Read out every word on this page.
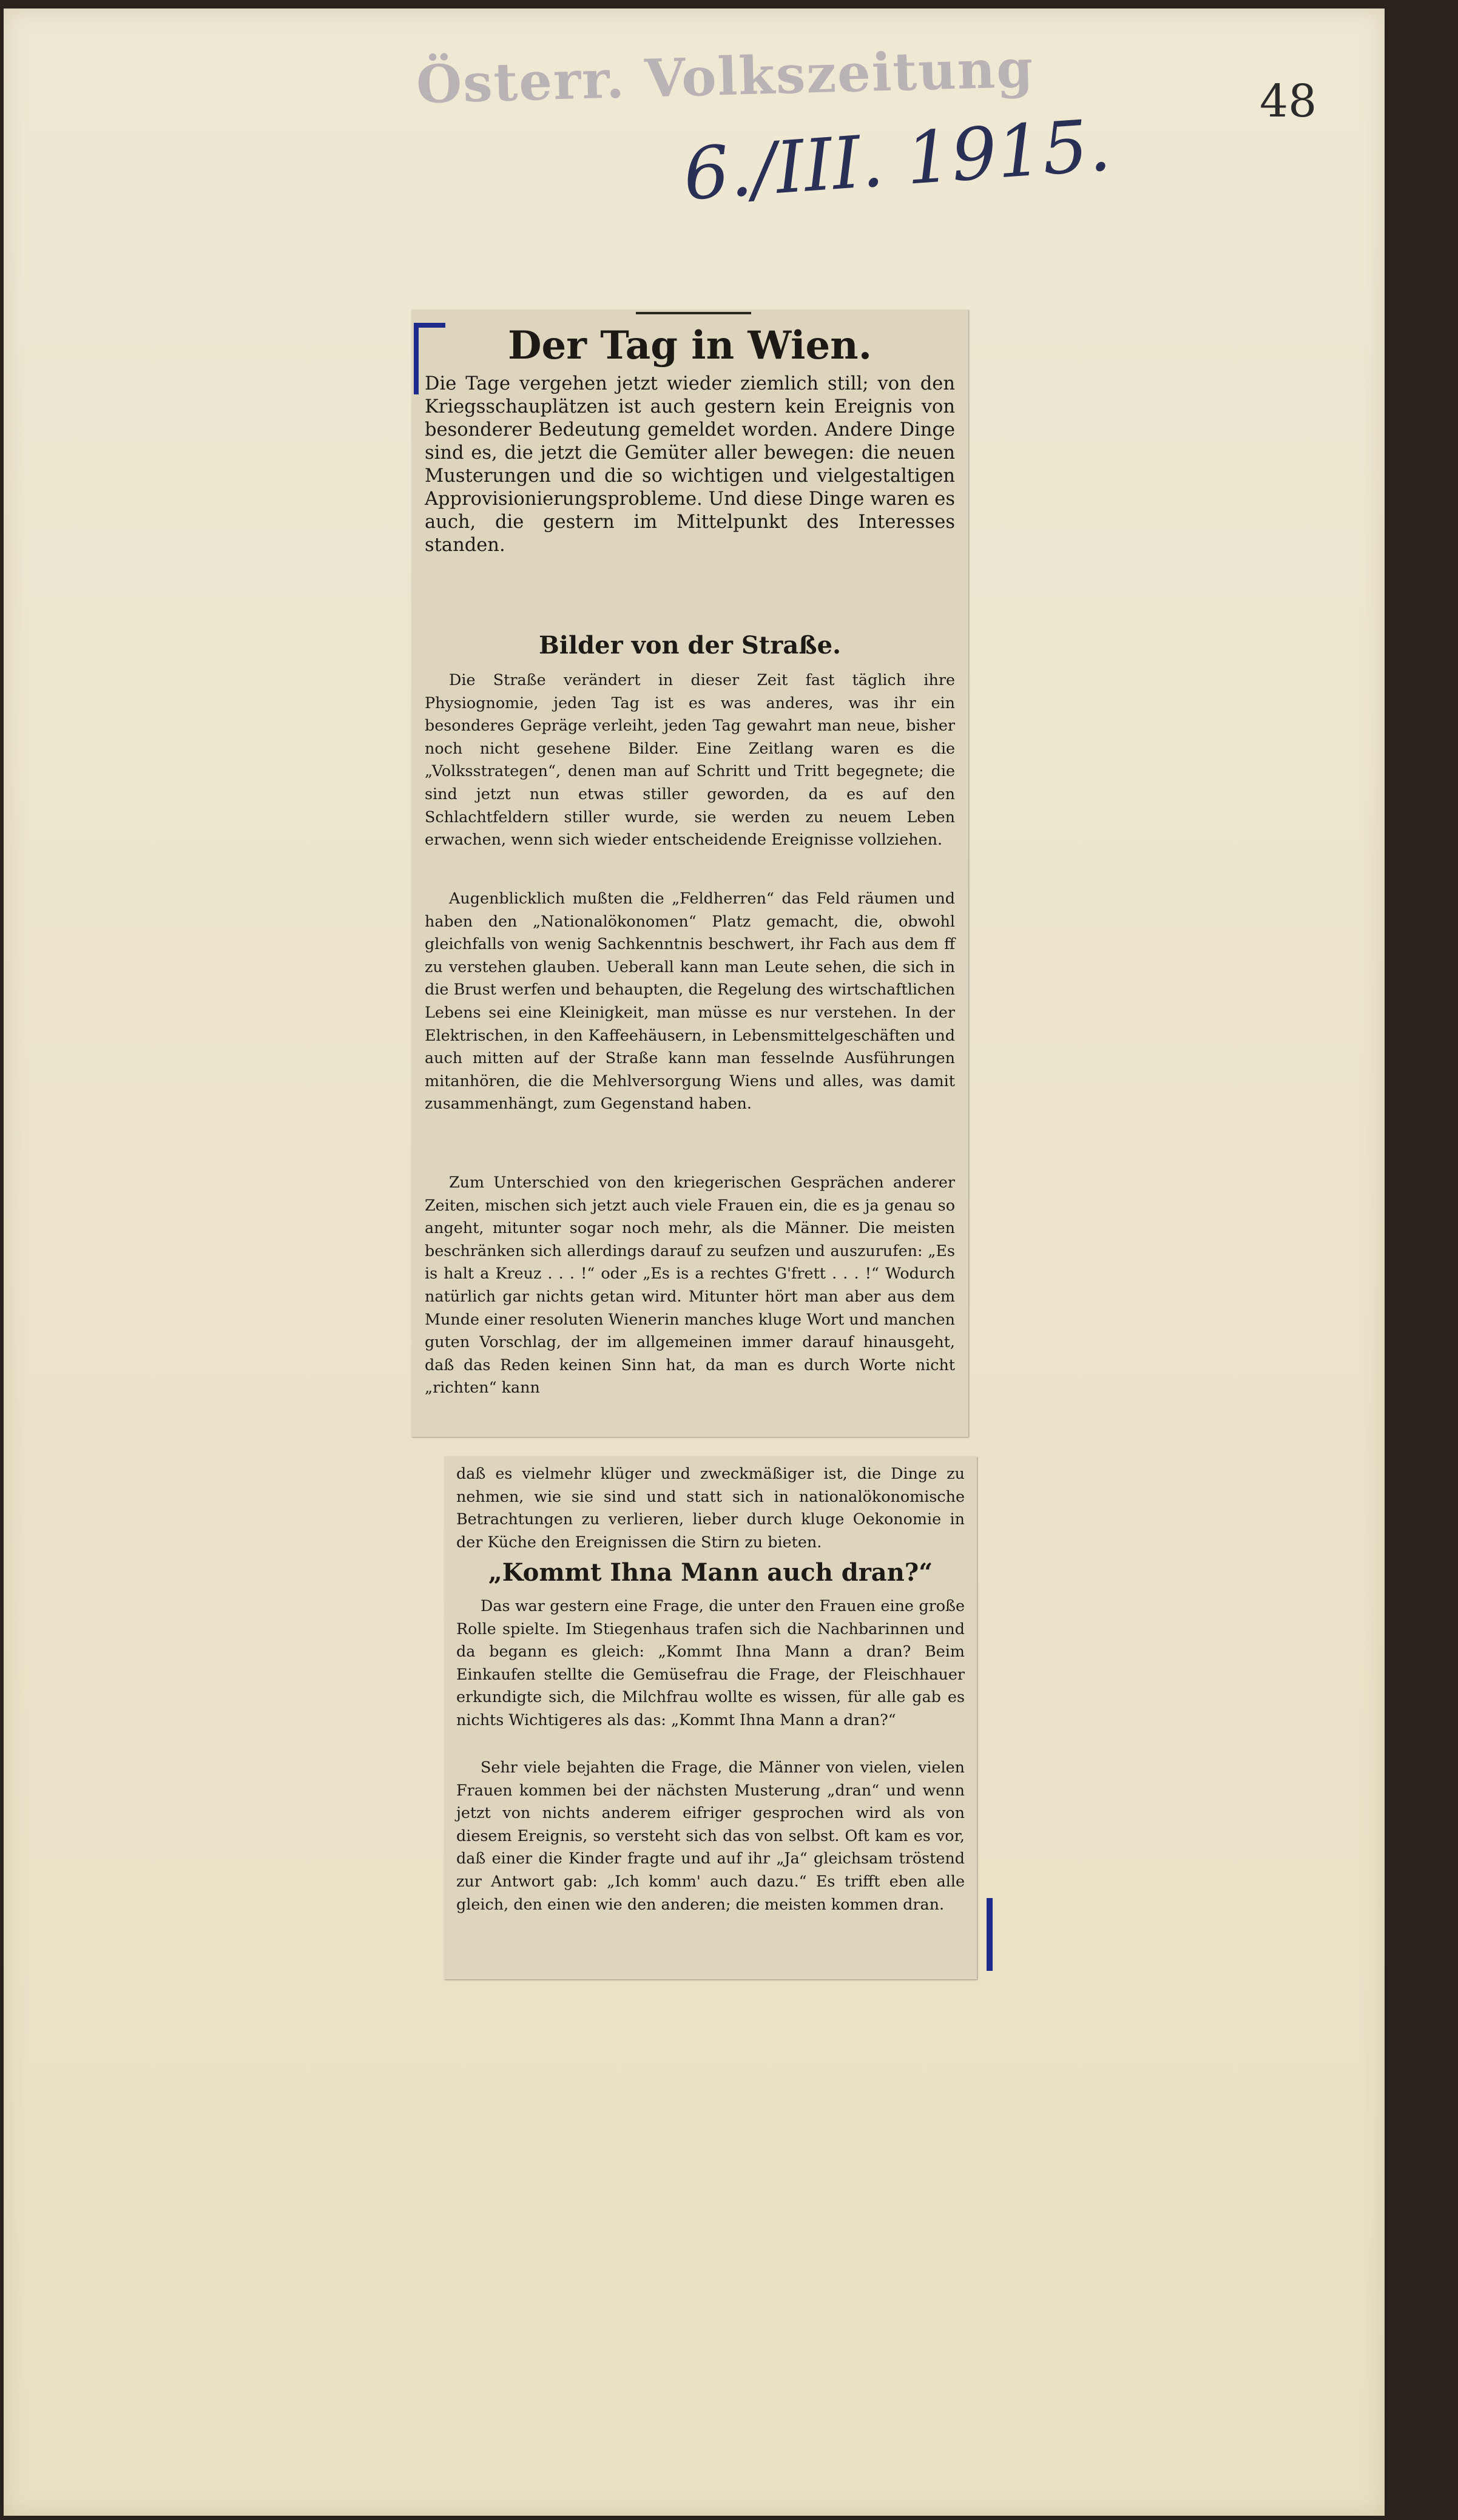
Österr. Volkszeitung
6./III. 1915.
48
Der Tag in Wien.

Die Tage vergehen jetzt wieder ziemlich still; von den Kriegsschauplätzen ist auch gestern kein Ereignis von besonderer Bedeutung gemeldet worden. Andere Dinge sind es, die jetzt die Gemüter aller bewegen: die neuen Musterungen und die so wichtigen und vielgestaltigen Approvisionierungsprobleme. Und diese Dinge waren es auch, die gestern im Mittelpunkt des Interesses standen.

Bilder von der Straße.

Die Straße verändert in dieser Zeit fast täglich ihre Physiognomie, jeden Tag ist es was anderes, was ihr ein besonderes Gepräge verleiht, jeden Tag gewahrt man neue, bisher noch nicht gesehene Bilder. Eine Zeitlang waren es die „Volksstrategen“, denen man auf Schritt und Tritt begegnete; die sind jetzt nun etwas stiller geworden, da es auf den Schlachtfeldern stiller wurde, sie werden zu neuem Leben erwachen, wenn sich wieder entscheidende Ereignisse vollziehen.

Augenblicklich mußten die „Feldherren“ das Feld räumen und haben den „Nationalökonomen“ Platz gemacht, die, obwohl gleichfalls von wenig Sachkenntnis beschwert, ihr Fach aus dem ff zu verstehen glauben. Ueberall kann man Leute sehen, die sich in die Brust werfen und behaupten, die Regelung des wirtschaftlichen Lebens sei eine Kleinigkeit, man müsse es nur verstehen. In der Elektrischen, in den Kaffeehäusern, in Lebensmittelgeschäften und auch mitten auf der Straße kann man fesselnde Ausführungen mitanhören, die die Mehlversorgung Wiens und alles, was damit zusammenhängt, zum Gegenstand haben.

Zum Unterschied von den kriegerischen Gesprächen anderer Zeiten, mischen sich jetzt auch viele Frauen ein, die es ja genau so angeht, mitunter sogar noch mehr, als die Männer. Die meisten beschränken sich allerdings darauf zu seufzen und auszurufen: „Es is halt a Kreuz . . . !“ oder „Es is a rechtes G'frett . . . !“ Wodurch natürlich gar nichts getan wird. Mitunter hört man aber aus dem Munde einer resoluten Wienerin manches kluge Wort und manchen guten Vorschlag, der im allgemeinen immer darauf hinausgeht, daß das Reden keinen Sinn hat, da man es durch Worte nicht „richten“ kann

daß es vielmehr klüger und zweckmäßiger ist, die Dinge zu nehmen, wie sie sind und statt sich in nationalökonomische Betrachtungen zu verlieren, lieber durch kluge Oekonomie in der Küche den Ereignissen die Stirn zu bieten.

„Kommt Ihna Mann auch dran?“

Das war gestern eine Frage, die unter den Frauen eine große Rolle spielte. Im Stiegenhaus trafen sich die Nachbarinnen und da begann es gleich: „Kommt Ihna Mann a dran? Beim Einkaufen stellte die Gemüsefrau die Frage, der Fleischhauer erkundigte sich, die Milchfrau wollte es wissen, für alle gab es nichts Wichtigeres als das: „Kommt Ihna Mann a dran?“

Sehr viele bejahten die Frage, die Männer von vielen, vielen Frauen kommen bei der nächsten Musterung „dran“ und wenn jetzt von nichts anderem eifriger gesprochen wird als von diesem Ereignis, so versteht sich das von selbst. Oft kam es vor, daß einer die Kinder fragte und auf ihr „Ja“ gleichsam tröstend zur Antwort gab: „Ich komm' auch dazu.“ Es trifft eben alle gleich, den einen wie den anderen; die meisten kommen dran.
